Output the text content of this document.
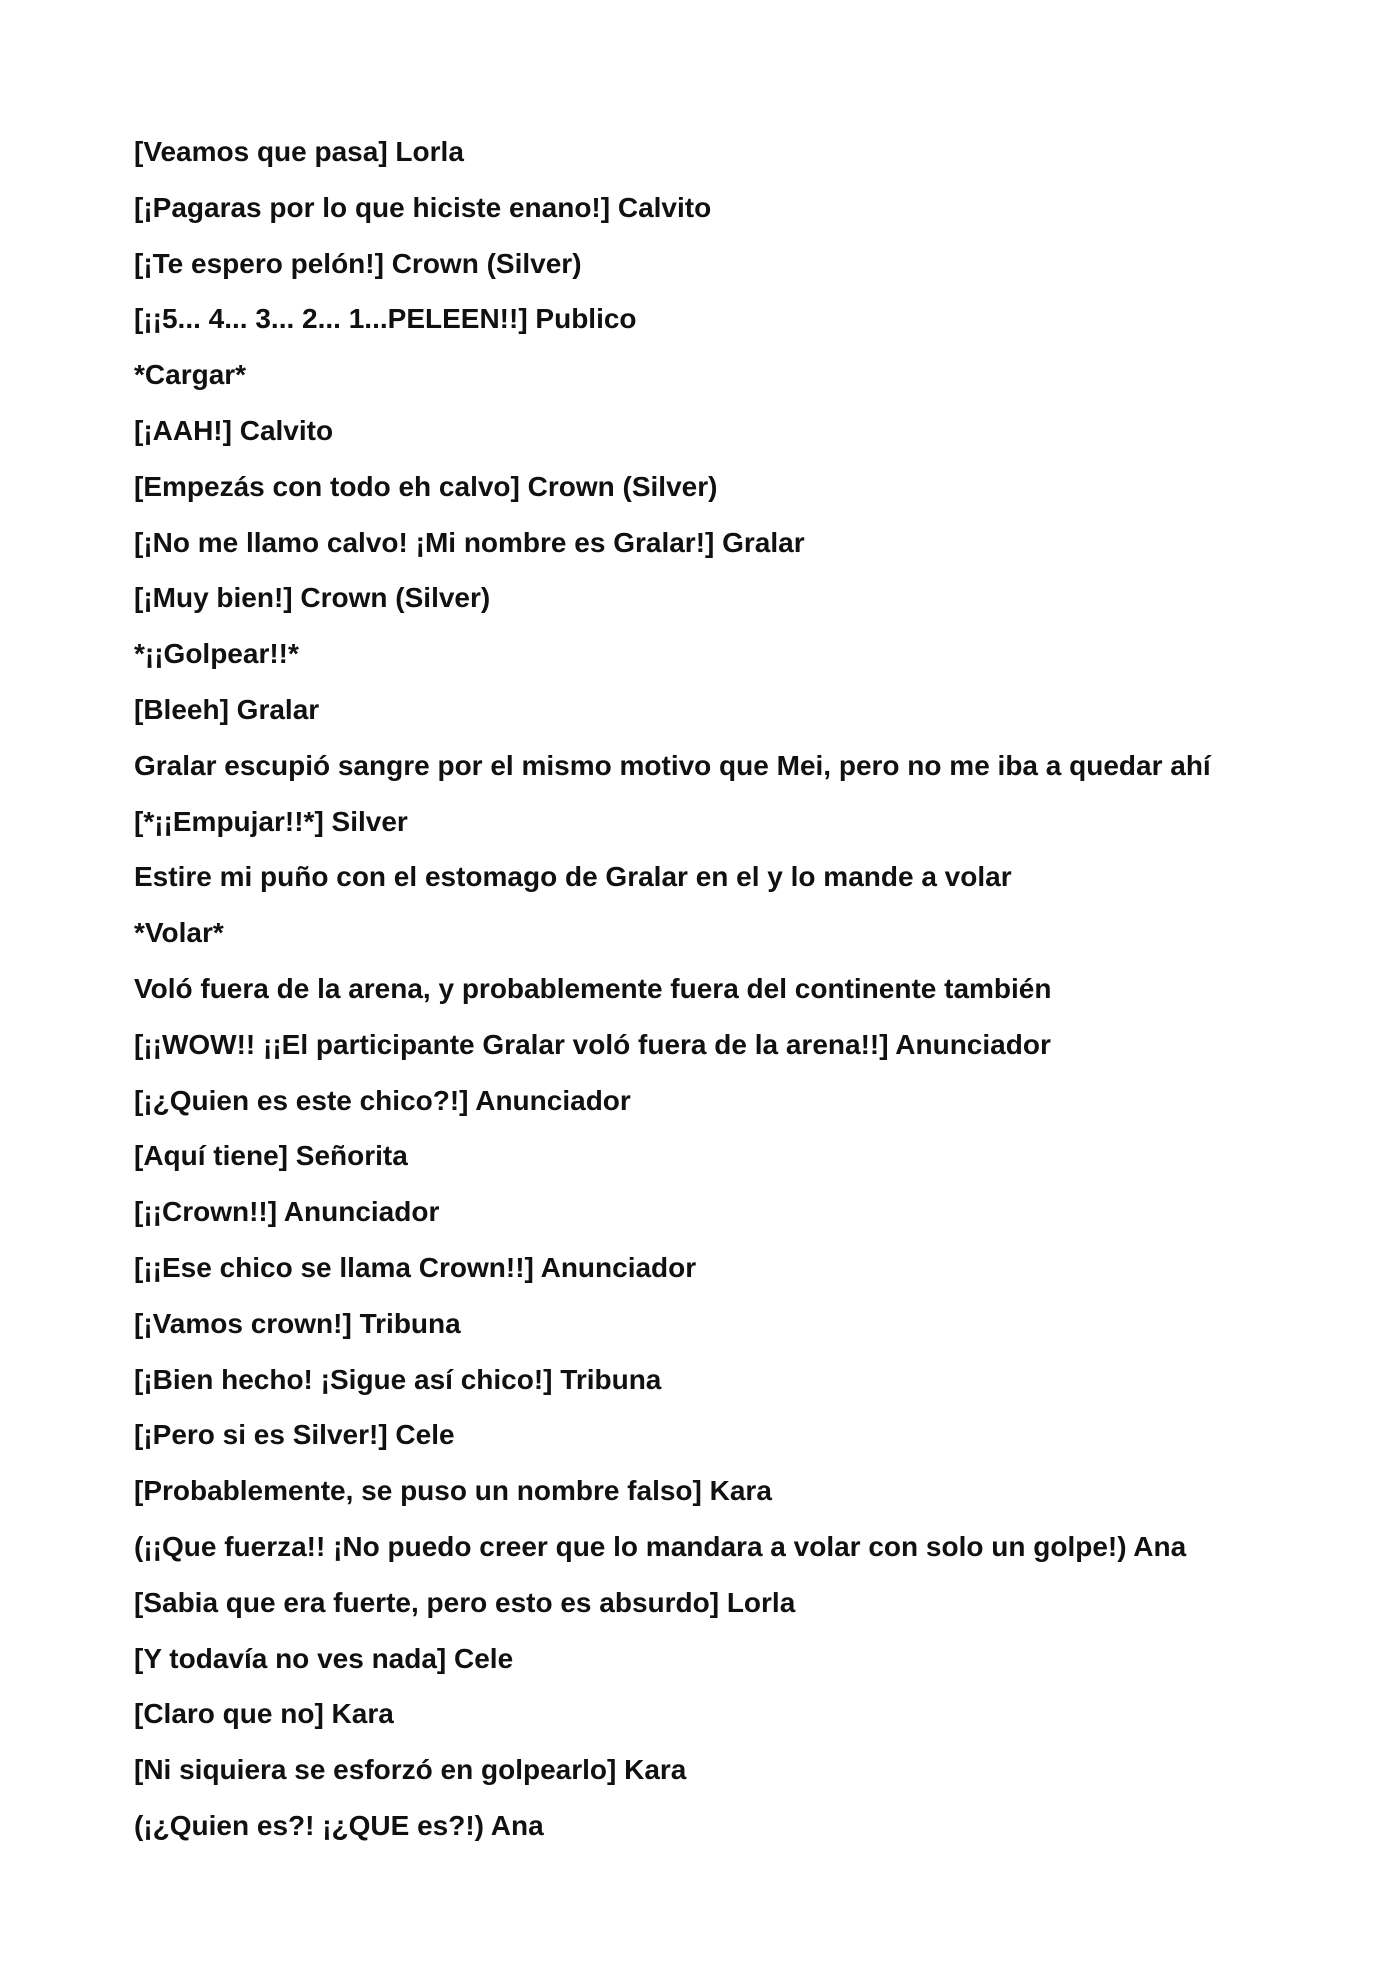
[Veamos que pasa] Lorla
[¡Pagaras por lo que hiciste enano!] Calvito
[¡Te espero pelón!] Crown (Silver)
[¡¡5... 4... 3... 2... 1...PELEEN!!] Publico
*Cargar*
[¡AAH!] Calvito
[Empezás con todo eh calvo] Crown (Silver)
[¡No me llamo calvo! ¡Mi nombre es Gralar!] Gralar
[¡Muy bien!] Crown (Silver)
*¡¡Golpear!!*
[Bleeh] Gralar
Gralar escupió sangre por el mismo motivo que Mei, pero no me iba a quedar ahí
[*¡¡Empujar!!*] Silver
Estire mi puño con el estomago de Gralar en el y lo mande a volar
*Volar*
Voló fuera de la arena, y probablemente fuera del continente también
[¡¡WOW!! ¡¡El participante Gralar voló fuera de la arena!!] Anunciador
[¡¿Quien es este chico?!] Anunciador
[Aquí tiene] Señorita
[¡¡Crown!!] Anunciador
[¡¡Ese chico se llama Crown!!] Anunciador
[¡Vamos crown!] Tribuna
[¡Bien hecho! ¡Sigue así chico!] Tribuna
[¡Pero si es Silver!] Cele
[Probablemente, se puso un nombre falso] Kara
(¡¡Que fuerza!! ¡No puedo creer que lo mandara a volar con solo un golpe!) Ana
[Sabia que era fuerte, pero esto es absurdo] Lorla
[Y todavía no ves nada] Cele
[Claro que no] Kara
[Ni siquiera se esforzó en golpearlo] Kara
(¡¿Quien es?! ¡¿QUE es?!) Ana
